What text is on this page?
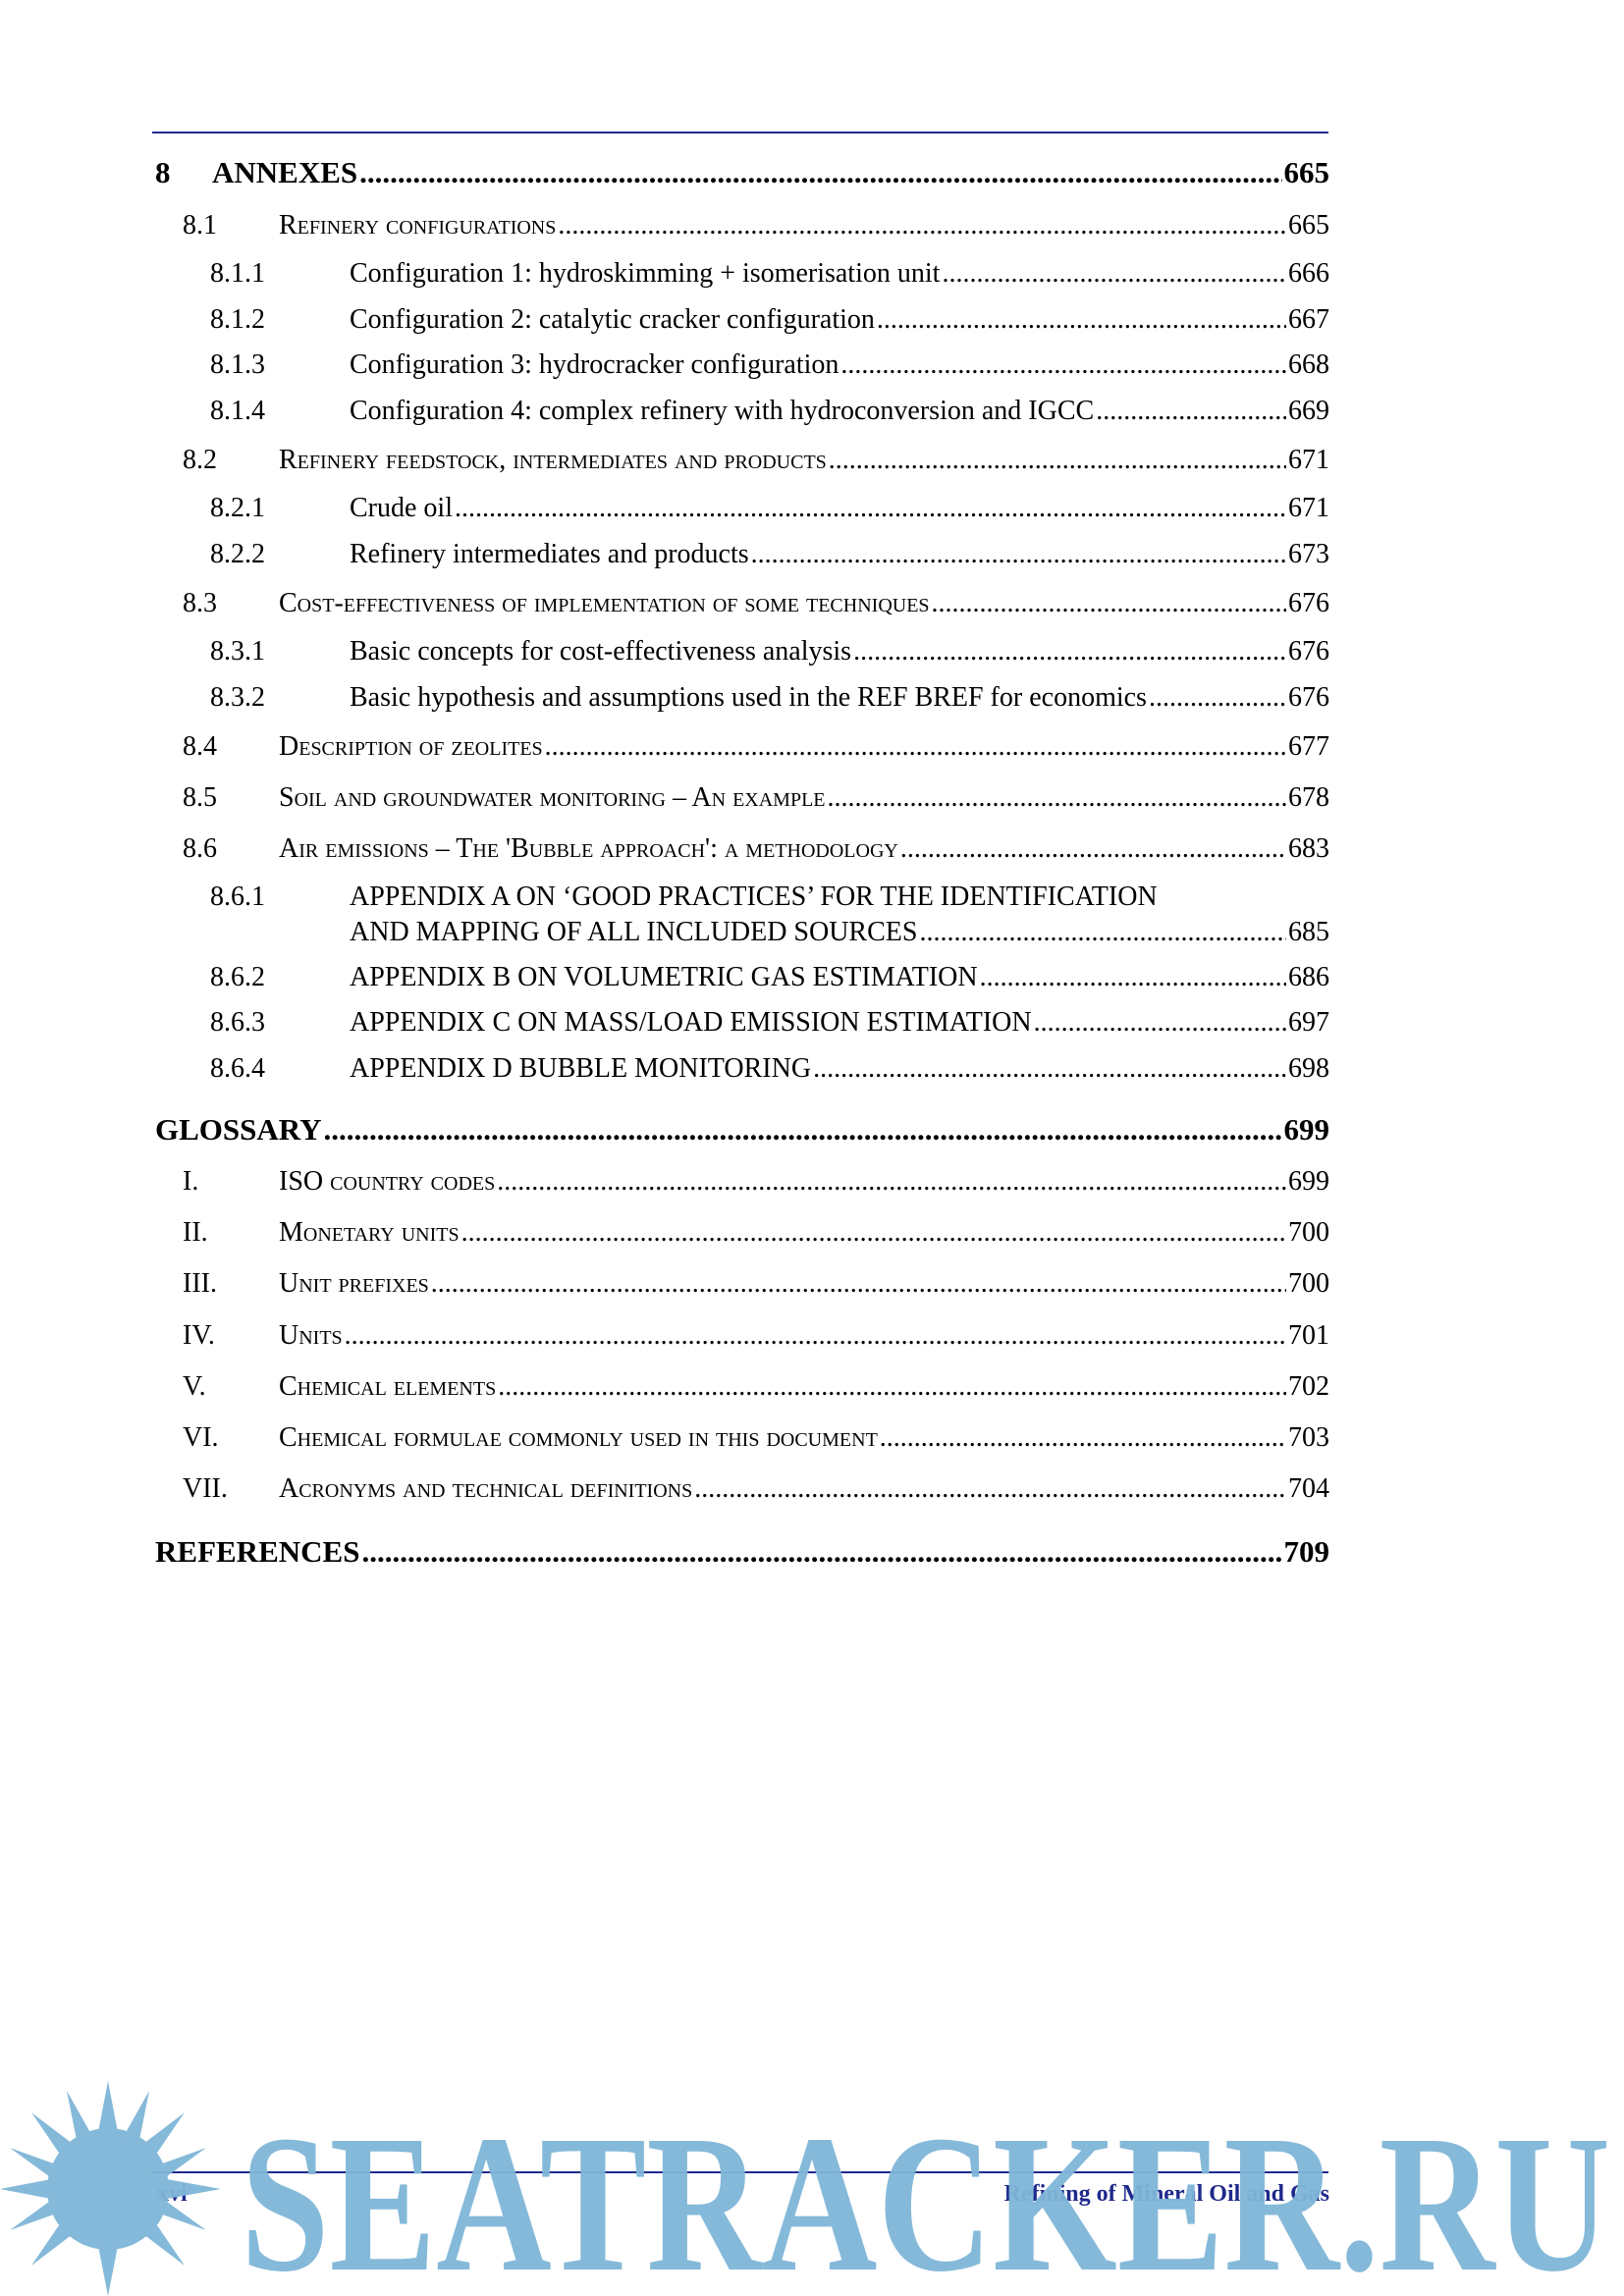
8 ANNEXES .....	665
8.1 Refinery configurations .....	665
8.1.1	Configuration 1: hydroskimming + isomerisation unit .....	666
8.1.2	Configuration 2: catalytic cracker configuration .....	667
8.1.3	Configuration 3: hydrocracker configuration .....	668
8.1.4	Configuration 4: complex refinery with hydroconversion and IGCC .....	669
8.2 Refinery feedstock, intermediates and products .....	671
8.2.1	Crude oil .....	671
8.2.2	Refinery intermediates and products .....	673
8.3 Cost-effectiveness of implementation of some techniques .....	676
8.3.1	Basic concepts for cost-effectiveness analysis .....	676
8.3.2	Basic hypothesis and assumptions used in the REF BREF for economics .....	676
8.4 Description of zeolites .....	677
8.5 Soil and groundwater monitoring – An example .....	678
8.6 Air emissions – The 'Bubble approach': a methodology .....	683
8.6.1	APPENDIX A ON ‘GOOD PRACTICES’ FOR THE IDENTIFICATION
AND MAPPING OF ALL INCLUDED SOURCES .....	685
8.6.2	APPENDIX B ON VOLUMETRIC GAS ESTIMATION .....	686
8.6.3	APPENDIX C ON MASS/LOAD EMISSION ESTIMATION .....	697
8.6.4	APPENDIX D BUBBLE MONITORING .....	698
GLOSSARY .....	699
I.	ISO country codes .....	699
II.	Monetary units .....	700
III. Unit prefixes .....	700
IV. Units .....	701
V.	Chemical elements .....	702
VI. Chemical formulae commonly used in this document .....	703
VII. Acronyms and technical definitions .....	704
REFERENCES .....	709
Refining of Mineral Oil and Gas
SEATRACKER.RU
